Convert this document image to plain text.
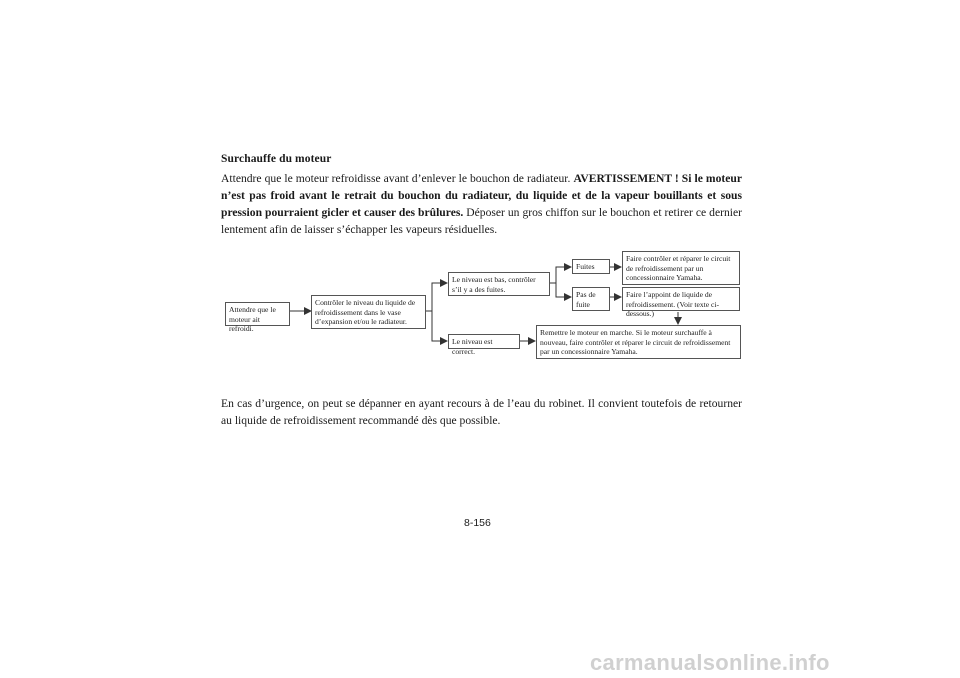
Surchauffe du moteur

Attendre que le moteur refroidisse avant d’enlever le bouchon de radiateur. AVERTISSEMENT ! Si le moteur n’est pas froid avant le retrait du bouchon du radiateur, du liquide et de la vapeur bouillants et sous pression pourraient gicler et causer des brûlures. Déposer un gros chiffon sur le bouchon et retirer ce dernier lentement afin de laisser s’échapper les vapeurs résiduelles.

Attendre que le moteur ait refroidi.
Contrôler le niveau du liquide de refroidissement dans le vase d’expansion et/ou le radiateur.
Le niveau est bas, contrôler s’il y a des fuites.
Le niveau est correct.
Fuites
Pas de fuite
Faire contrôler et réparer le circuit de refroidissement par un concessionnaire Yamaha.
Faire l’appoint de liquide de refroidissement. (Voir texte ci-dessous.)
Remettre le moteur en marche. Si le moteur surchauffe à nouveau, faire contrôler et réparer le circuit de refroidissement par un concessionnaire Yamaha.

En cas d’urgence, on peut se dépanner en ayant recours à de l’eau du robinet. Il convient toutefois de retourner au liquide de refroidissement recommandé dès que possible.

8-156
carmanualsonline.info
